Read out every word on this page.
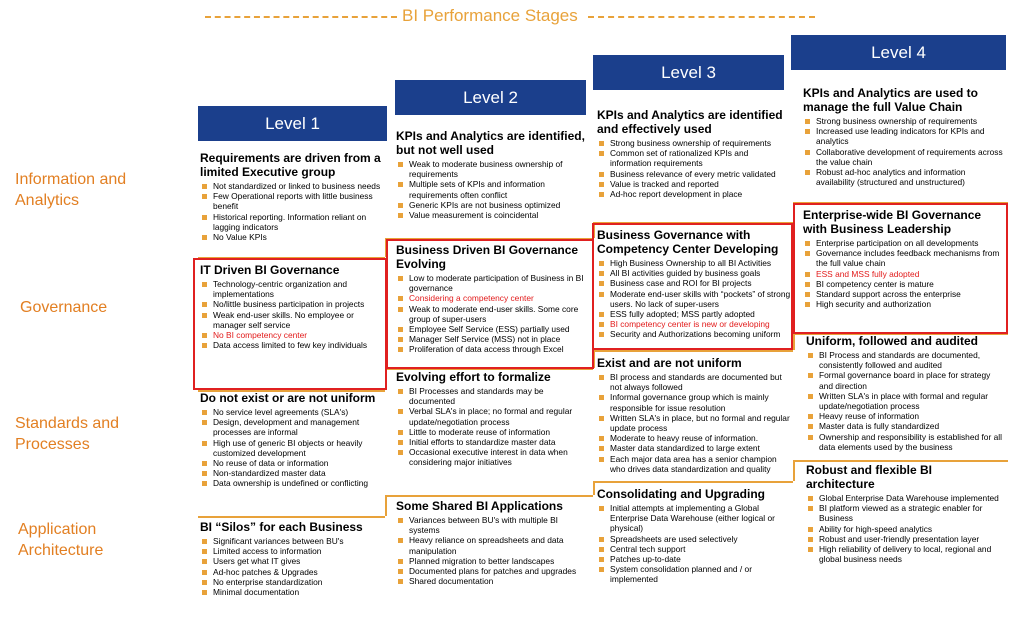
BI Performance Stages
Information and Analytics
Governance
Standards and Processes
Application Architecture
Level 1
Level 2
Level 3
Level 4
Requirements are driven from a limited Executive group
Not standardized or linked to business needs
Few Operational reports with little business benefit
Historical reporting. Information reliant on lagging indicators
No Value KPIs
IT Driven BI Governance
Technology-centric organization and implementations
No/little business participation in projects
Weak end-user skills. No employee or manager self service
No BI competency center
Data access limited to few key individuals
Do not exist or are not uniform
No service level agreements (SLA's)
Design, development and management processes are informal
High use of generic BI objects or heavily customized development
No reuse of data or information
Non-standardized master data
Data ownership is undefined or conflicting
BI “Silos” for each Business
Significant variances between BU's
Limited access to information
Users get what IT gives
Ad-hoc patches & Upgrades
No enterprise standardization
Minimal documentation
KPIs and Analytics are identified, but not well used
Weak to moderate business ownership of requirements
Multiple sets of KPIs and information requirements often conflict
Generic KPIs are not business optimized
Value measurement is coincidental
Business Driven BI Governance Evolving
Low to moderate participation of Business in BI governance
Considering a competency center
Weak to moderate end-user skills. Some core group of super-users
Employee Self Service (ESS) partially used
Manager Self Service (MSS) not in place
Proliferation of data access through Excel
Evolving effort to formalize
BI Processes and standards may be documented
Verbal SLA's in place; no formal and regular update/negotiation process
Little to moderate reuse of information
Initial efforts to standardize master data
Occasional executive interest in data when considering major initiatives
Some Shared BI Applications
Variances between BU's with multiple BI systems
Heavy reliance on spreadsheets and data manipulation
Planned migration to better landscapes
Documented plans for patches and upgrades
Shared documentation
KPIs and Analytics are identified and effectively used
Strong business ownership of requirements
Common set of rationalized KPIs and information requirements
Business relevance of every metric validated
Value is tracked and reported
Ad-hoc report development in place
Business Governance with Competency Center Developing
High Business Ownership to all BI Activities
All BI activities guided by business goals
Business case and ROI for BI projects
Moderate end-user skills with “pockets” of strong users. No lack of super-users
ESS fully adopted; MSS partly adopted
BI competency center is new or developing
Security and Authorizations becoming uniform
Exist and are not uniform
BI process and standards are documented but not always followed
Informal governance group which is mainly responsible for issue resolution
Written SLA's in place, but no formal and regular update process
Moderate to heavy reuse of information.
Master data standardized to large extent
Each major data area has a senior champion who drives data standardization and quality
Consolidating and Upgrading
Initial attempts at implementing a Global Enterprise Data Warehouse (either logical or physical)
Spreadsheets are used selectively
Central tech support
Patches up-to-date
System consolidation planned and / or implemented
KPIs and Analytics are used to manage the full Value Chain
Strong business ownership of requirements
Increased use leading indicators for KPIs and analytics
Collaborative development of requirements across the value chain
Robust ad-hoc analytics and information availability (structured and unstructured)
Enterprise-wide BI Governance with Business Leadership
Enterprise participation on all developments
Governance includes feedback mechanisms from the full value chain
ESS and MSS fully adopted
BI competency center is mature
Standard support across the enterprise
High security and authorization
Uniform, followed and audited
BI Process and standards are documented, consistently followed and audited
Formal governance board in place for strategy and direction
Written SLA's in place with formal and regular update/negotiation process
Heavy reuse of information
Master data is fully standardized
Ownership and responsibility is established for all data elements used by the business
Robust and flexible BI architecture
Global Enterprise Data Warehouse implemented
BI platform viewed as a strategic enabler for Business
Ability for high-speed analytics
Robust and user-friendly presentation layer
High reliability of delivery to local, regional and global business needs
